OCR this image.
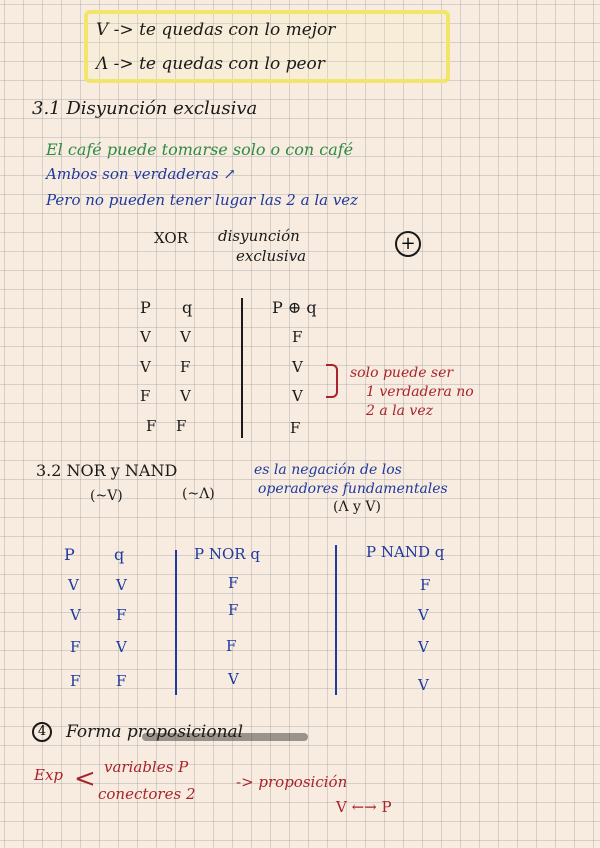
V -> te quedas con lo mejor
Λ -> te quedas con lo peor
3.1 Disyunción exclusiva
El café puede tomarse solo o con café
Ambos son verdaderas ↗
Pero no pueden tener lugar las 2 a la vez
XOR disyunción
exclusiva
+
P q	P ⊕ q
V V	F
V F	V
F V	V
F F	F
solo puede ser
1 verdadera no
2 a la vez
3.2 NOR y NAND
(~V)	(~Λ)
es la negación de los
operadores fundamentales
(Λ y V)
P q	P NOR q	P NAND q
V V	F	F
V F	F	V
F V	F	V
F F	V	V
4	Forma proposicional
Exp < variables P
conectores 2
-> proposición
V ←→ P
